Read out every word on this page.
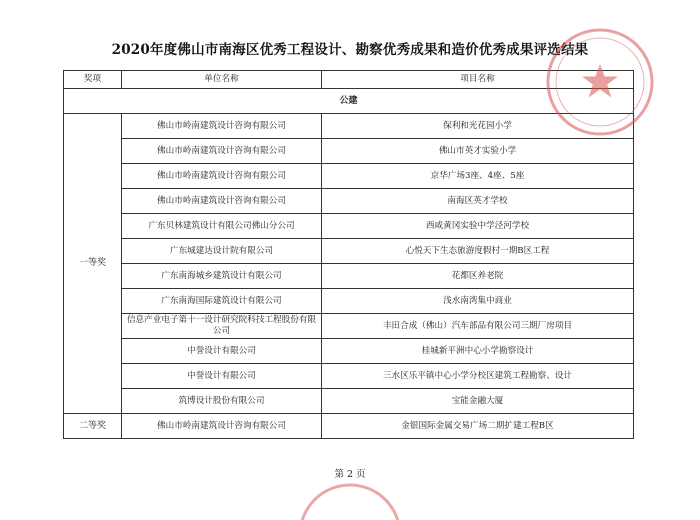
2020年度佛山市南海区优秀工程设计、勘察优秀成果和造价优秀成果评选结果
奖项	单位名称	项目名称
公建		
一等奖	佛山市岭南建筑设计咨询有限公司	保利和光花园小学
	佛山市岭南建筑设计咨询有限公司	佛山市英才实验小学
	佛山市岭南建筑设计咨询有限公司	京华广场3座、4座、5座
	佛山市岭南建筑设计咨询有限公司	南海区英才学校
	广东贝林建筑设计有限公司佛山分公司	西咸黄冈实验中学泾河学校
	广东城建达设计院有限公司	心悦天下生态旅游度假村一期B区工程
	广东南海城乡建筑设计有限公司	花都区养老院
	广东南海国际建筑设计有限公司	浅水南湾集中商业
	信息产业电子第十一设计研究院科技工程股份有限公司	丰田合成（佛山）汽车部品有限公司三期厂房项目
	中誉设计有限公司	桂城新平洲中心小学勘察设计
	中誉设计有限公司	三水区乐平镇中心小学分校区建筑工程勘察、设计
	筑博设计股份有限公司	宝能金融大厦
二等奖	佛山市岭南建筑设计咨询有限公司	金银国际金属交易广场二期扩建工程B区
第 2 页
